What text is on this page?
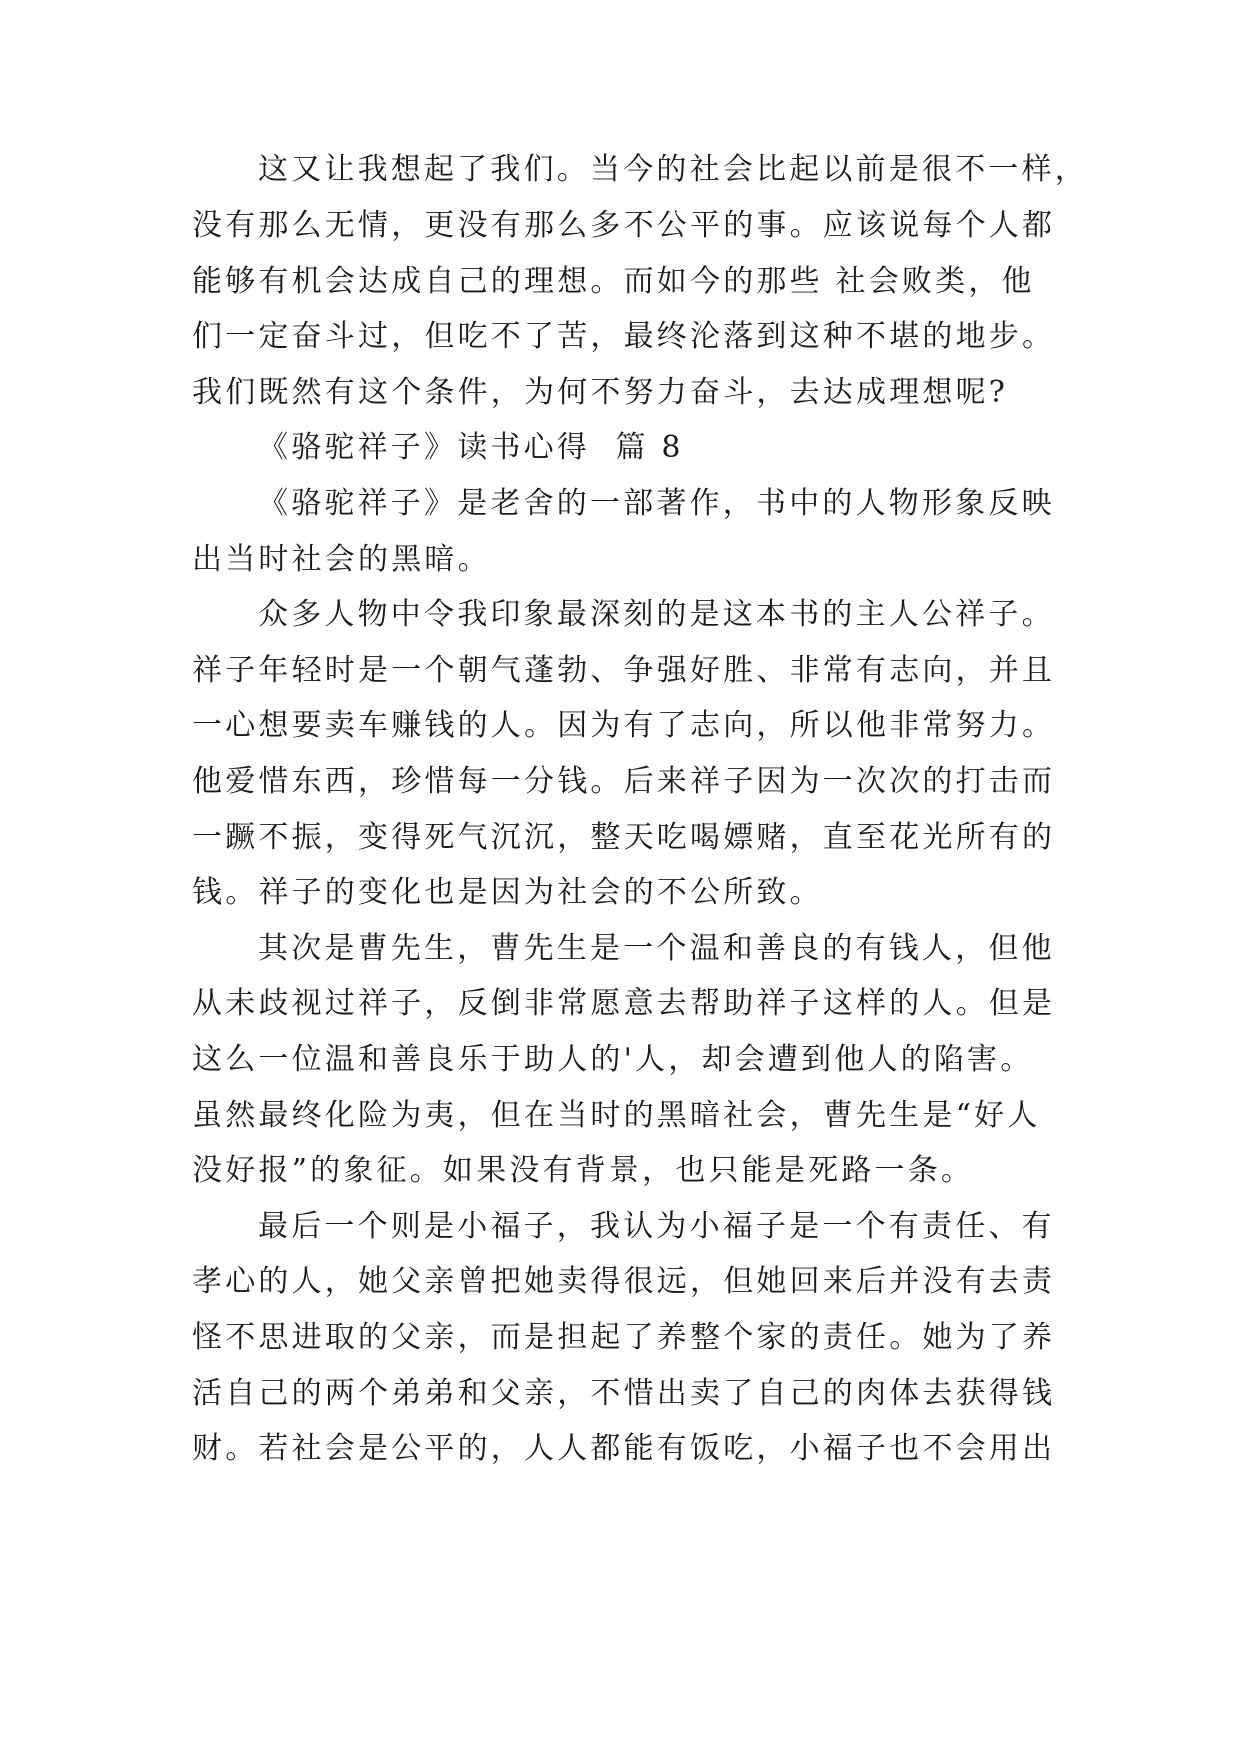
这又让我想起了我们。当今的社会比起以前是很不一样，
没有那么无情，更没有那么多不公平的事。应该说每个人都
能够有机会达成自己的理想。而如今的那些 社会败类，他
们一定奋斗过，但吃不了苦，最终沦落到这种不堪的地步。
我们既然有这个条件，为何不努力奋斗，去达成理想呢?
《骆驼祥子》读书心得  篇 8
《骆驼祥子》是老舍的一部著作，书中的人物形象反映
出当时社会的黑暗。
众多人物中令我印象最深刻的是这本书的主人公祥子。
祥子年轻时是一个朝气蓬勃、争强好胜、非常有志向，并且
一心想要卖车赚钱的人。因为有了志向，所以他非常努力。
他爱惜东西，珍惜每一分钱。后来祥子因为一次次的打击而
一蹶不振，变得死气沉沉，整天吃喝嫖赌，直至花光所有的
钱。祥子的变化也是因为社会的不公所致。
其次是曹先生，曹先生是一个温和善良的有钱人，但他
从未歧视过祥子，反倒非常愿意去帮助祥子这样的人。但是
这么一位温和善良乐于助人的'人，却会遭到他人的陷害。
虽然最终化险为夷，但在当时的黑暗社会，曹先生是“好人
没好报”的象征。如果没有背景，也只能是死路一条。
最后一个则是小福子，我认为小福子是一个有责任、有
孝心的人，她父亲曾把她卖得很远，但她回来后并没有去责
怪不思进取的父亲，而是担起了养整个家的责任。她为了养
活自己的两个弟弟和父亲，不惜出卖了自己的肉体去获得钱
财。若社会是公平的，人人都能有饭吃，小福子也不会用出
